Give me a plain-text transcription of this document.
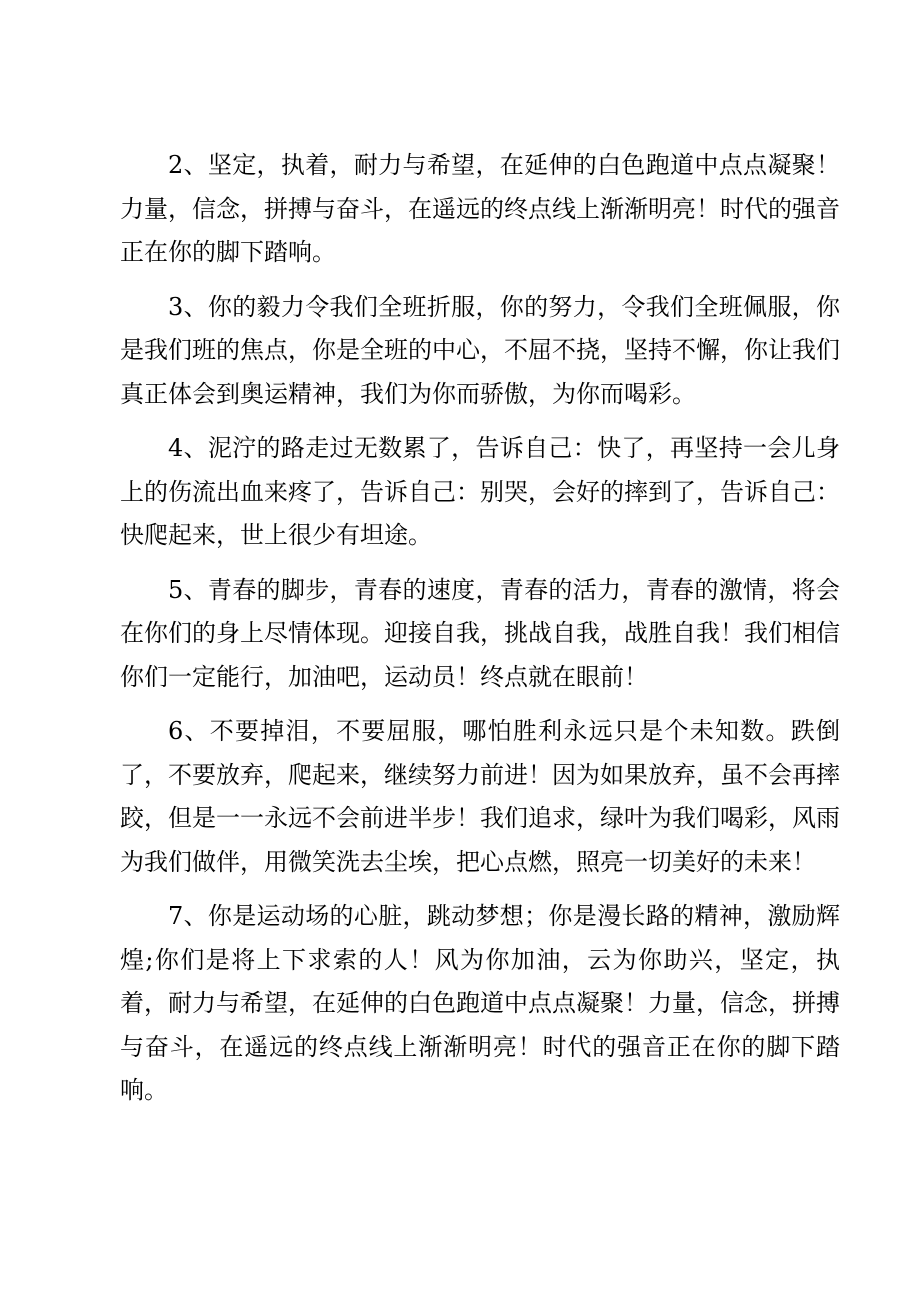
2、坚定，执着，耐力与希望，在延伸的白色跑道中点点凝聚！力量，信念，拼搏与奋斗，在遥远的终点线上渐渐明亮！时代的强音正在你的脚下踏响。

3、你的毅力令我们全班折服，你的努力，令我们全班佩服，你是我们班的焦点，你是全班的中心，不屈不挠，坚持不懈，你让我们真正体会到奥运精神，我们为你而骄傲，为你而喝彩。

4、泥泞的路走过无数累了，告诉自己：快了，再坚持一会儿身上的伤流出血来疼了，告诉自己：别哭，会好的摔到了，告诉自己：快爬起来，世上很少有坦途。

5、青春的脚步，青春的速度，青春的活力，青春的激情，将会在你们的身上尽情体现。迎接自我，挑战自我，战胜自我！我们相信你们一定能行，加油吧，运动员！终点就在眼前！

6、不要掉泪，不要屈服，哪怕胜利永远只是个未知数。跌倒了，不要放弃，爬起来，继续努力前进！因为如果放弃，虽不会再摔跤，但是一一永远不会前进半步！我们追求，绿叶为我们喝彩，风雨为我们做伴，用微笑洗去尘埃，把心点燃，照亮一切美好的未来！

7、你是运动场的心脏，跳动梦想；你是漫长路的精神，激励辉煌;你们是将上下求索的人！风为你加油，云为你助兴，坚定，执着，耐力与希望，在延伸的白色跑道中点点凝聚！力量，信念，拼搏与奋斗，在遥远的终点线上渐渐明亮！时代的强音正在你的脚下踏响。
